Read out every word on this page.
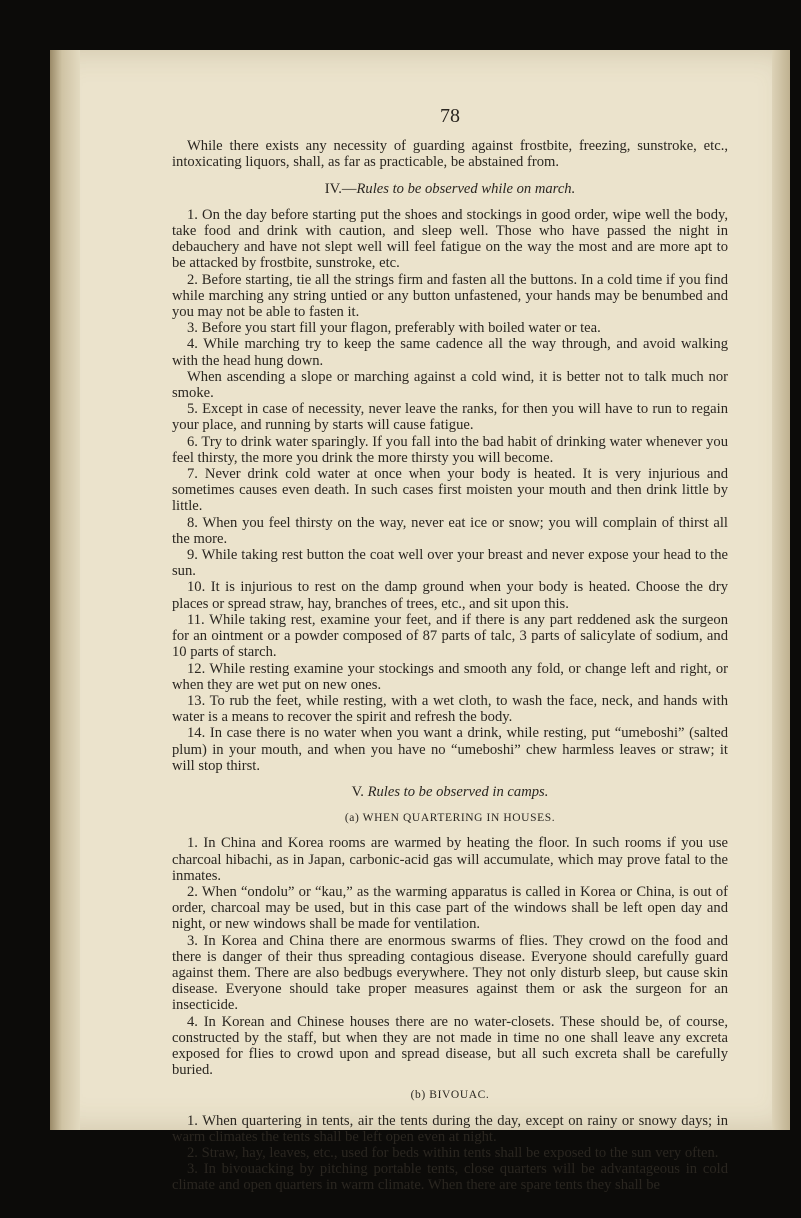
78

While there exists any necessity of guarding against frostbite, freezing, sunstroke, etc., intoxicating liquors, shall, as far as practicable, be abstained from.

IV.—Rules to be observed while on march.

1. On the day before starting put the shoes and stockings in good order, wipe well the body, take food and drink with caution, and sleep well. Those who have passed the night in debauchery and have not slept well will feel fatigue on the way the most and are more apt to be attacked by frostbite, sunstroke, etc.

2. Before starting, tie all the strings firm and fasten all the buttons. In a cold time if you find while marching any string untied or any button unfastened, your hands may be benumbed and you may not be able to fasten it.

3. Before you start fill your flagon, preferably with boiled water or tea.

4. While marching try to keep the same cadence all the way through, and avoid walking with the head hung down.

When ascending a slope or marching against a cold wind, it is better not to talk much nor smoke.

5. Except in case of necessity, never leave the ranks, for then you will have to run to regain your place, and running by starts will cause fatigue.

6. Try to drink water sparingly. If you fall into the bad habit of drinking water whenever you feel thirsty, the more you drink the more thirsty you will become.

7. Never drink cold water at once when your body is heated. It is very injurious and sometimes causes even death. In such cases first moisten your mouth and then drink little by little.

8. When you feel thirsty on the way, never eat ice or snow; you will complain of thirst all the more.

9. While taking rest button the coat well over your breast and never expose your head to the sun.

10. It is injurious to rest on the damp ground when your body is heated. Choose the dry places or spread straw, hay, branches of trees, etc., and sit upon this.

11. While taking rest, examine your feet, and if there is any part reddened ask the surgeon for an ointment or a powder composed of 87 parts of talc, 3 parts of salicylate of sodium, and 10 parts of starch.

12. While resting examine your stockings and smooth any fold, or change left and right, or when they are wet put on new ones.

13. To rub the feet, while resting, with a wet cloth, to wash the face, neck, and hands with water is a means to recover the spirit and refresh the body.

14. In case there is no water when you want a drink, while resting, put “umeboshi” (salted plum) in your mouth, and when you have no “umeboshi” chew harmless leaves or straw; it will stop thirst.

V. Rules to be observed in camps.
(a) WHEN QUARTERING IN HOUSES.

1. In China and Korea rooms are warmed by heating the floor. In such rooms if you use charcoal hibachi, as in Japan, carbonic-acid gas will accumulate, which may prove fatal to the inmates.

2. When “ondolu” or “kau,” as the warming apparatus is called in Korea or China, is out of order, charcoal may be used, but in this case part of the windows shall be left open day and night, or new windows shall be made for ventilation.

3. In Korea and China there are enormous swarms of flies. They crowd on the food and there is danger of their thus spreading contagious disease. Everyone should carefully guard against them. There are also bedbugs everywhere. They not only disturb sleep, but cause skin disease. Everyone should take proper measures against them or ask the surgeon for an insecticide.

4. In Korean and Chinese houses there are no water-closets. These should be, of course, constructed by the staff, but when they are not made in time no one shall leave any excreta exposed for flies to crowd upon and spread disease, but all such excreta shall be carefully buried.

(b) BIVOUAC.

1. When quartering in tents, air the tents during the day, except on rainy or snowy days; in warm climates the tents shall be left open even at night.

2. Straw, hay, leaves, etc., used for beds within tents shall be exposed to the sun very often.

3. In bivouacking by pitching portable tents, close quarters will be advantageous in cold climate and open quarters in warm climate. When there are spare tents they shall be
